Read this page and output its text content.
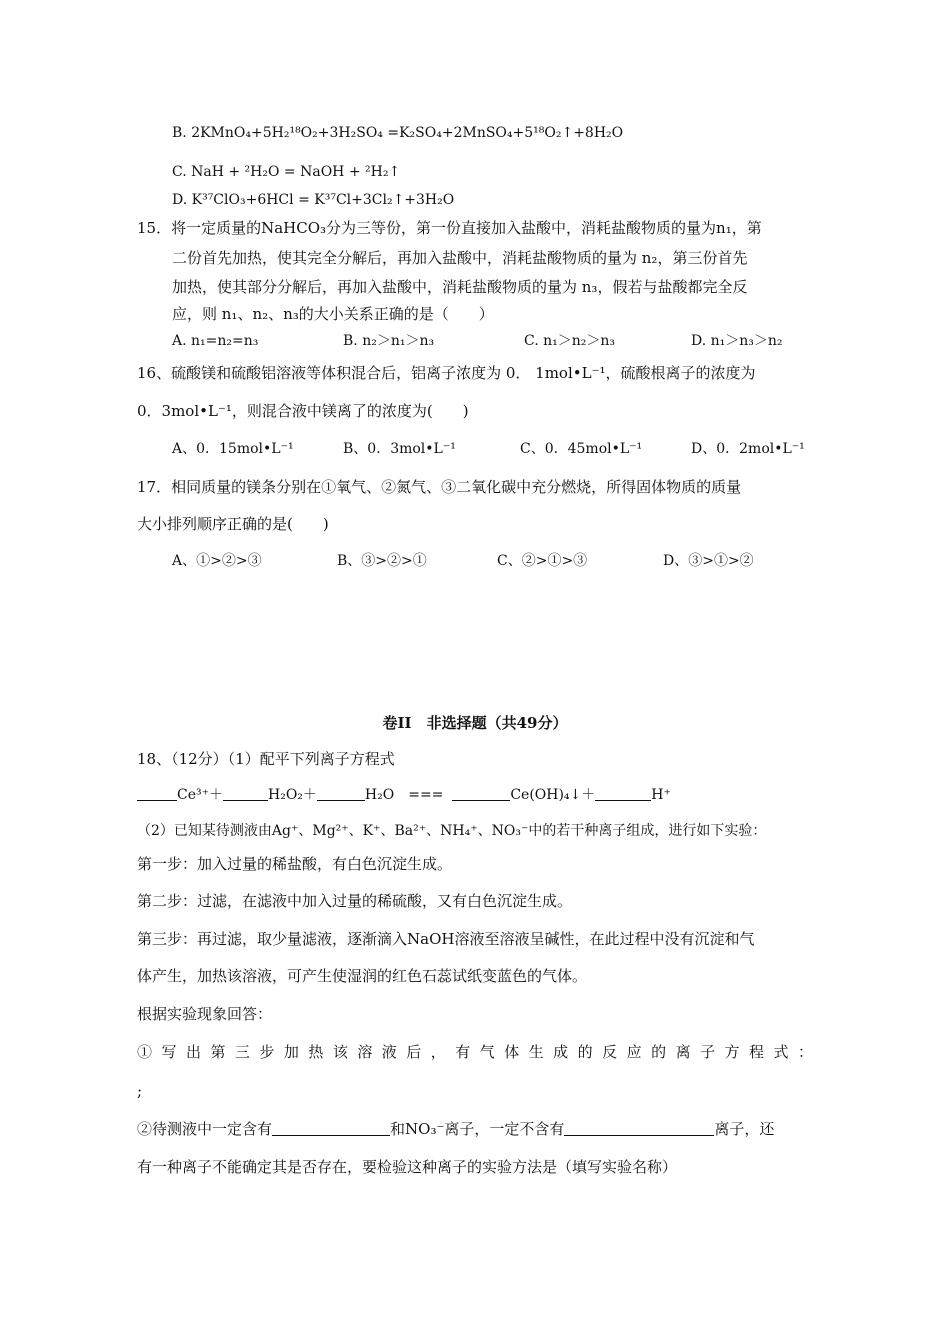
B. 2KMnO₄+5H₂¹⁸O₂+3H₂SO₄ =K₂SO₄+2MnSO₄+5¹⁸O₂↑+8H₂O
C. NaH + ²H₂O = NaOH + ²H₂↑
D. K³⁷ClO₃+6HCl = K³⁷Cl+3Cl₂↑+3H₂O
15．将一定质量的NaHCO₃分为三等份，第一份直接加入盐酸中，消耗盐酸物质的量为n₁，第
二份首先加热，使其完全分解后，再加入盐酸中，消耗盐酸物质的量为 n₂，第三份首先
加热，使其部分分解后，再加入盐酸中，消耗盐酸物质的量为 n₃，假若与盐酸都完全反
应，则 n₁、n₂、n₃的大小关系正确的是（　　）
A. n₁=n₂=n₃	B. n₂＞n₁＞n₃	C. n₁＞n₂＞n₃	D. n₁＞n₃＞n₂
16、硫酸镁和硫酸铝溶液等体积混合后，铝离子浓度为 0． 1mol•L⁻¹，硫酸根离子的浓度为
0．3mol•L⁻¹，则混合液中镁离了的浓度为(　　)
A、0．15mol•L⁻¹	B、0．3mol•L⁻¹	C、0．45mol•L⁻¹	D、0．2mol•L⁻¹
17．相同质量的镁条分别在①氧气、②氮气、③二氧化碳中充分燃烧，所得固体物质的质量
大小排列顺序正确的是(　　)
A、①>②>③	B、③>②>①	C、②>①>③	D、③>①>②
卷II　非选择题（共49分）
18、（12分）（1）配平下列离子方程式
Ce³⁺＋	H₂O₂＋	H₂O　===	Ce(OH)₄↓＋	H⁺
（2）已知某待测液由Ag⁺、Mg²⁺、K⁺、Ba²⁺、NH₄⁺、NO₃⁻中的若干种离子组成，进行如下实验：
第一步：加入过量的稀盐酸，有白色沉淀生成。
第二步：过滤，在滤液中加入过量的稀硫酸，又有白色沉淀生成。
第三步：再过滤，取少量滤液，逐渐滴入NaOH溶液至溶液呈碱性，在此过程中没有沉淀和气
体产生，加热该溶液，可产生使湿润的红色石蕊试纸变蓝色的气体。
根据实验现象回答：
①写出第三步加热该溶液后，有气体生成的反应的离子方程式：
;
②待测液中一定含有	和NO₃⁻离子，一定不含有	离子，还
有一种离子不能确定其是否存在，要检验这种离子的实验方法是（填写实验名称）
